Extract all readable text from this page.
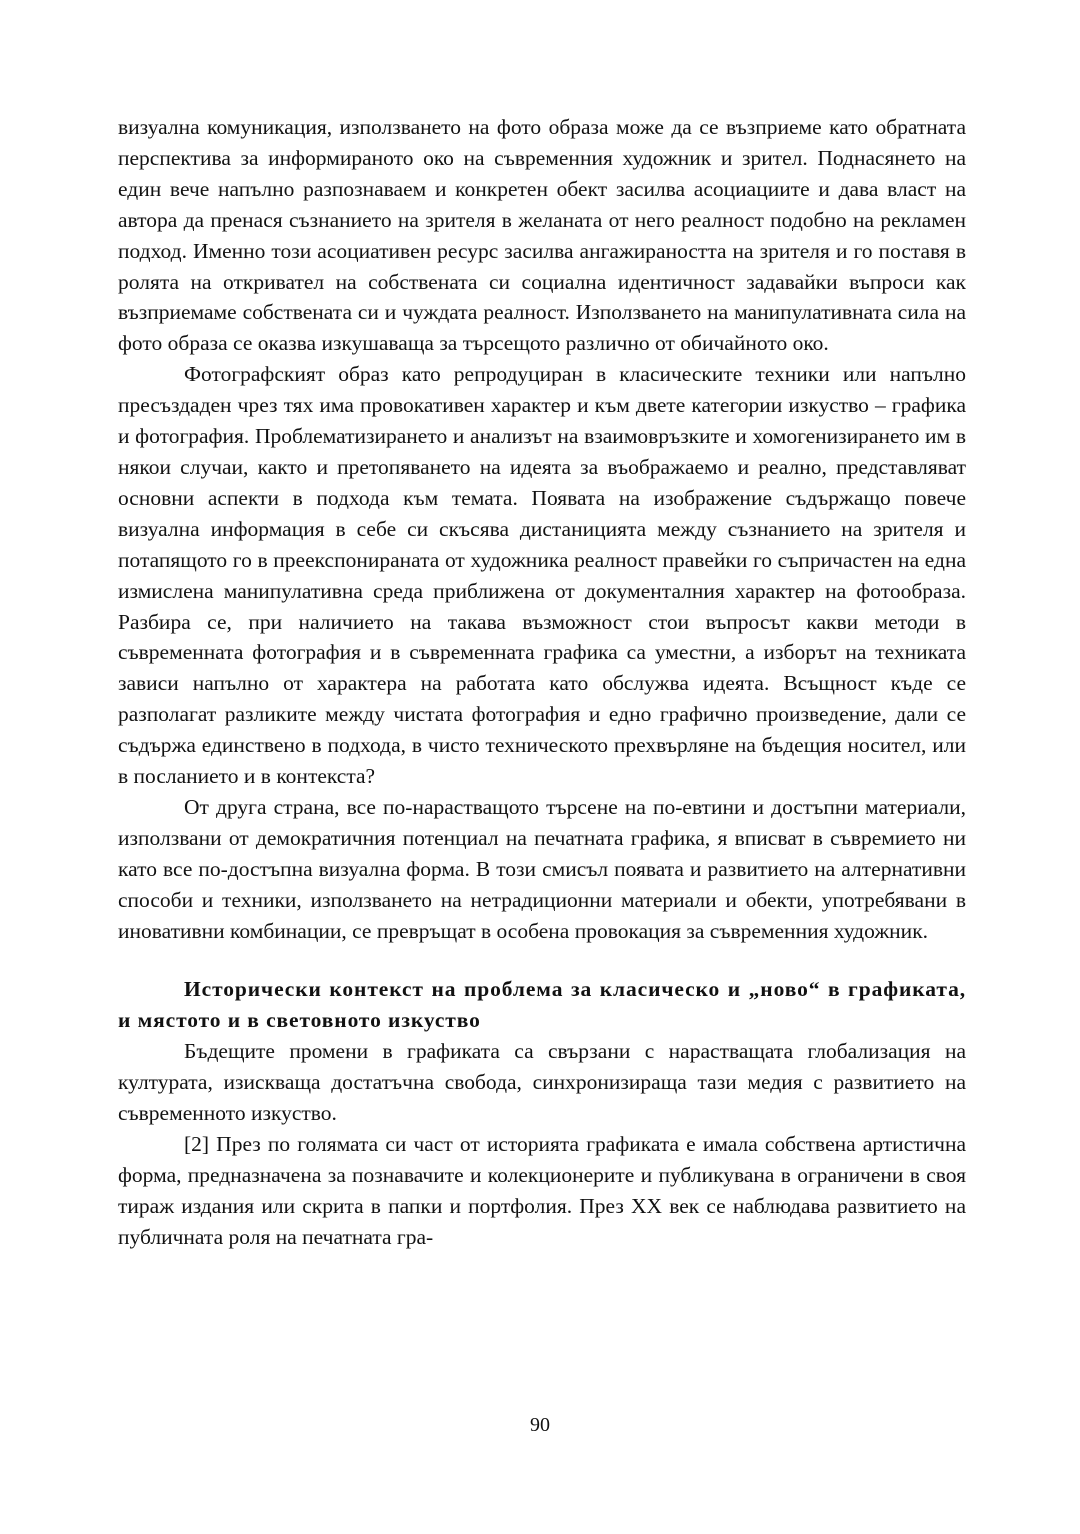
визуална комуникация, използването на фото образа може да се възприеме като обратната перспектива за информираното око на съвременния художник и зрител. Поднасянето на един вече напълно разпознаваем и конкретен обект засилва асоциациите и дава власт на автора да пренася съзнанието на зрителя в желаната от него реалност подобно на рекламен подход. Именно този асоциативен ресурс засилва ангажираността на зрителя и го поставя в ролята на откривател на собствената си социална идентичност задавайки въпроси как възприемаме собствената си и чуждата реалност. Използването на манипулативната сила на фото образа се оказва изкушаваща за търсещото различно от обичайното око.

Фотографският образ като репродуциран в класическите техники или напълно пресъздаден чрез тях има провокативен характер и към двете категории изкуство – графика и фотография. Проблематизирането и анализът на взаимовръзките и хомогенизирането им в някои случаи, както и претопяването на идеята за въображаемо и реално, представляват основни аспекти в подхода към темата. Появата на изображение съдържащо повече визуална информация в себе си скъсява дистаницията между съзнанието на зрителя и потапящото го в преекспонираната от художника реалност правейки го съпричастен на една измислена манипулативна среда приближена от документалния характер на фотообраза. Разбира се, при наличието на такава възможност стои въпросът какви методи в съвременната фотография и в съвременната графика са уместни, а изборът на техниката зависи напълно от характера на работата като обслужва идеята. Всъщност къде се разполагат разликите между чистата фотография и едно графично произведение, дали се съдържа единствено в подхода, в чисто техническото прехвърляне на бъдещия носител, или в посланието и в контекста?

От друга страна, все по-нарастващото търсене на по-евтини и достъпни материали, използвани от демократичния потенциал на печатната графика, я вписват в съвремието ни като все по-достъпна визуална форма. В този смисъл появата и развитието на алтернативни способи и техники, използването на нетрадиционни материали и обекти, употребявани в иновативни комбинации, се превръщат в особена провокация за съвременния художник.

Исторически контекст на проблема за класическо и „ново“ в графиката, и мястото и в световното изкуство

Бъдещите промени в графиката са свързани с нарастващата глобализация на културата, изискваща достатъчна свобода, синхронизираща тази медия с развитието на съвременното изкуство.

[2] През по голямата си част от историята графиката е имала собствена артистична форма, предназначена за познавачите и колекционерите и публикувана в ограничени в своя тираж издания или скрита в папки и портфолия. През ХХ век се наблюдава развитието на публичната роля на печатната гра-

90
